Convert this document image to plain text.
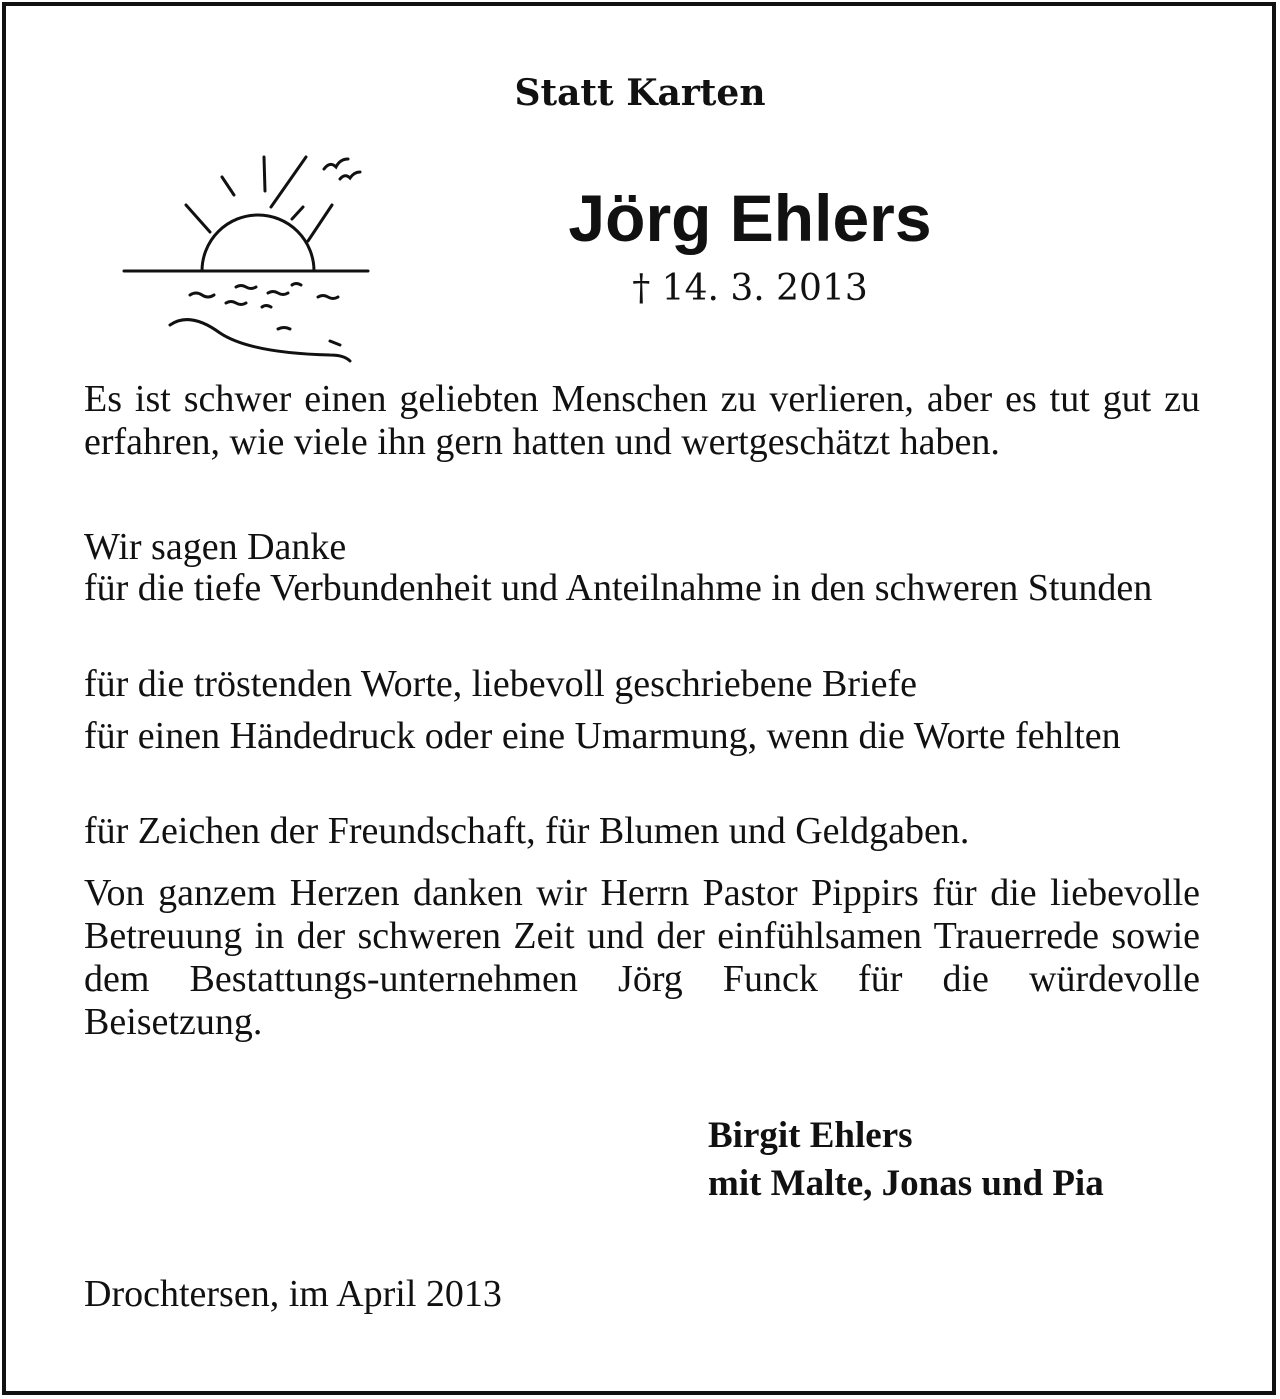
Statt Karten
Jörg Ehlers
† 14. 3. 2013
Es ist schwer einen geliebten Menschen zu verlieren, aber es tut gut zu erfahren, wie viele ihn gern hatten und wertgeschätzt haben.
Wir sagen Danke
für die tiefe Verbundenheit und Anteilnahme in den schweren Stunden
für die tröstenden Worte, liebevoll geschriebene Briefe
für einen Händedruck oder eine Umarmung, wenn die Worte fehlten
für Zeichen der Freundschaft, für Blumen und Geldgaben.
Von ganzem Herzen danken wir Herrn Pastor Pippirs für die liebevolle Betreuung in der schweren Zeit und der einfühlsamen Trauerrede sowie dem Bestattungs-unternehmen Jörg Funck für die würdevolle Beisetzung.
Birgit Ehlers
mit Malte, Jonas und Pia
Drochtersen, im April 2013
